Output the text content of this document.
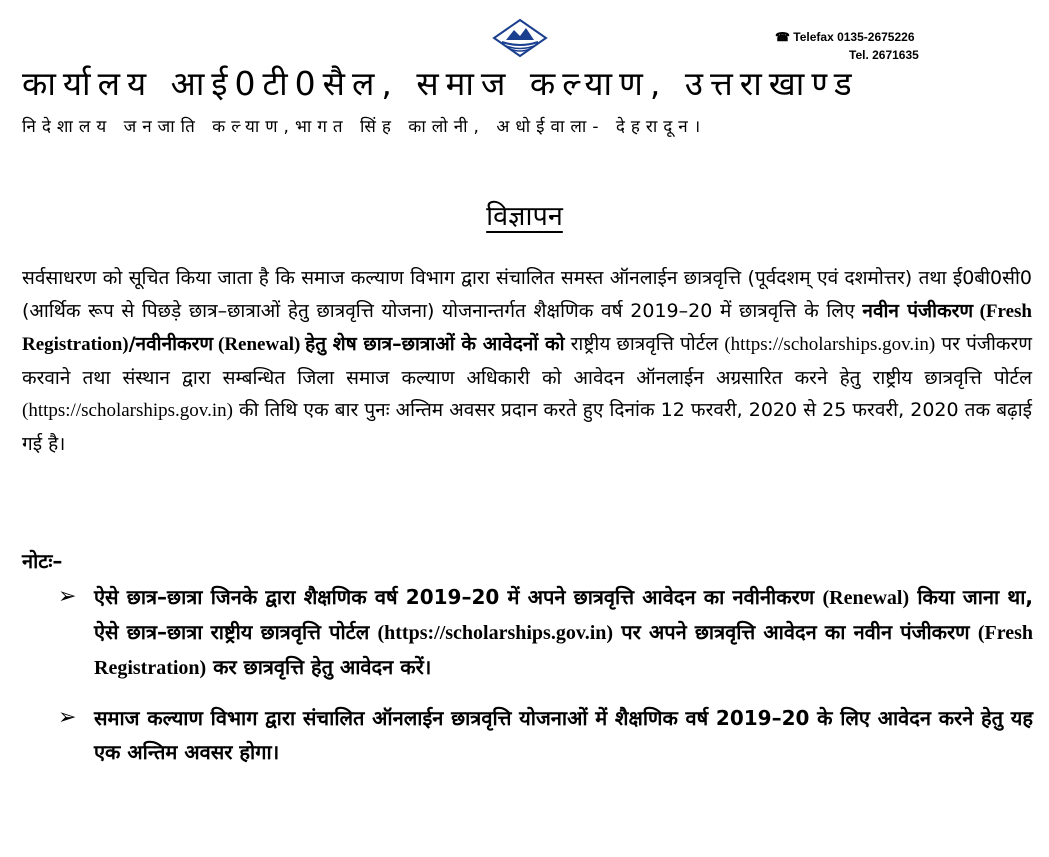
☎ Telefax 0135-2675226
Tel. 2671635
कार्यालय आई0टी0सैल, समाज कल्याण, उत्तराखाण्ड
निदेशालय जनजाति कल्याण,भागत सिंह कालोनी, अधोईवाला- देहरादून।
विज्ञापन
सर्वसाधरण को सूचित किया जाता है कि समाज कल्याण विभाग द्वारा संचालित समस्त ऑनलाईन छात्रवृत्ति (पूर्वदशम् एवं दशमोत्तर) तथा ई0बी0सी0 (आर्थिक रूप से पिछड़े छात्र–छात्राओं हेतु छात्रवृत्ति योजना) योजनान्तर्गत शैक्षणिक वर्ष 2019–20 में छात्रवृत्ति के लिए नवीन पंजीकरण (Fresh Registration)/नवीनीकरण (Renewal) हेतु शेष छात्र–छात्राओं के आवेदनों को राष्ट्रीय छात्रवृत्ति पोर्टल (https://scholarships.gov.in) पर पंजीकरण करवाने तथा संस्थान द्वारा सम्बन्धित जिला समाज कल्याण अधिकारी को आवेदन ऑनलाईन अग्रसारित करने हेतु राष्ट्रीय छात्रवृत्ति पोर्टल (https://scholarships.gov.in) की तिथि एक बार पुनः अन्तिम अवसर प्रदान करते हुए दिनांक 12 फरवरी, 2020 से 25 फरवरी, 2020 तक बढ़ाई गई है।
नोटः–
➢ ऐसे छात्र–छात्रा जिनके द्वारा शैक्षणिक वर्ष 2019–20 में अपने छात्रवृत्ति आवेदन का नवीनीकरण (Renewal) किया जाना था, ऐसे छात्र–छात्रा राष्ट्रीय छात्रवृत्ति पोर्टल (https://scholarships.gov.in) पर अपने छात्रवृत्ति आवेदन का नवीन पंजीकरण (Fresh Registration) कर छात्रवृत्ति हेतु आवेदन करें।
➢ समाज कल्याण विभाग द्वारा संचालित ऑनलाईन छात्रवृत्ति योजनाओं में शैक्षणिक वर्ष 2019–20 के लिए आवेदन करने हेतु यह एक अन्तिम अवसर होगा।
